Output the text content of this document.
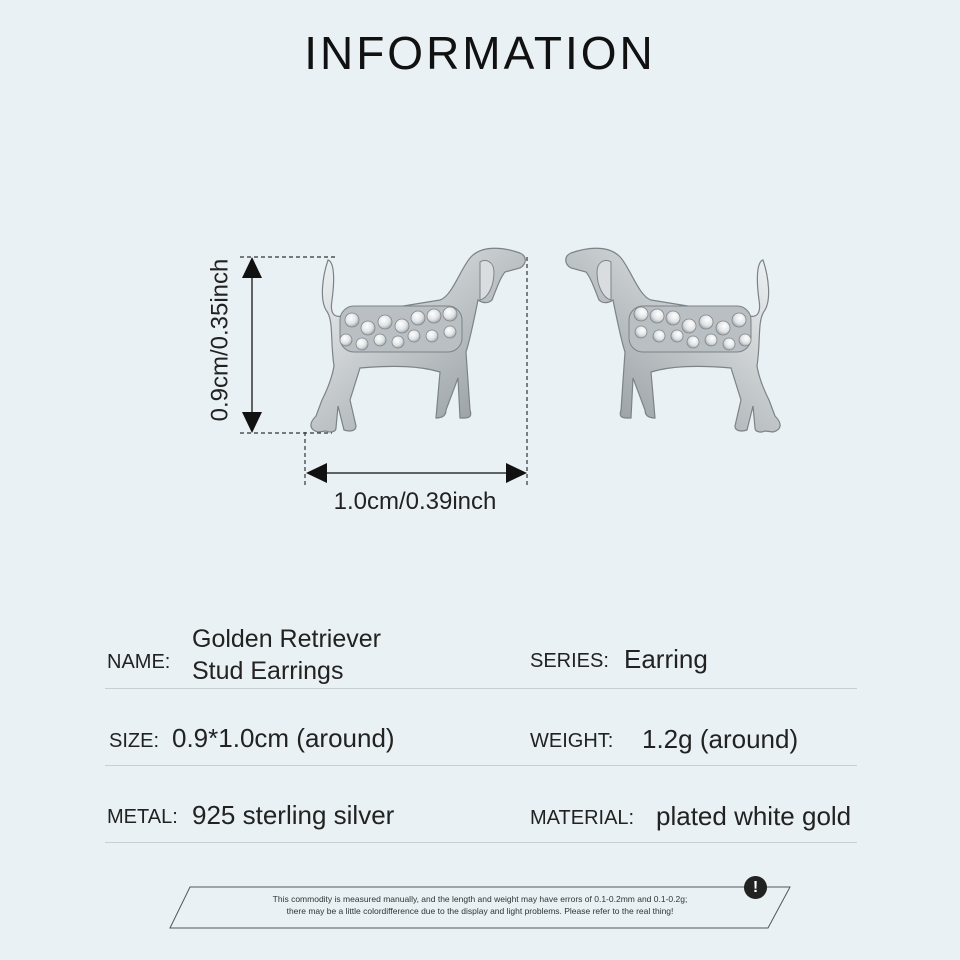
INFORMATION
0.9cm/0.35inch
1.0cm/0.39inch
NAME:
Golden Retriever
Stud Earrings	SERIES: Earring
SIZE: 0.9*1.0cm (around)	WEIGHT: 1.2g (around)
METAL: 925 sterling silver	MATERIAL: plated white gold
This commodity is measured manually, and the length and weight may have errors of 0.1-0.2mm and 0.1-0.2g;
there may be a little colordifference due to the display and light problems. Please refer to the real thing!
!
